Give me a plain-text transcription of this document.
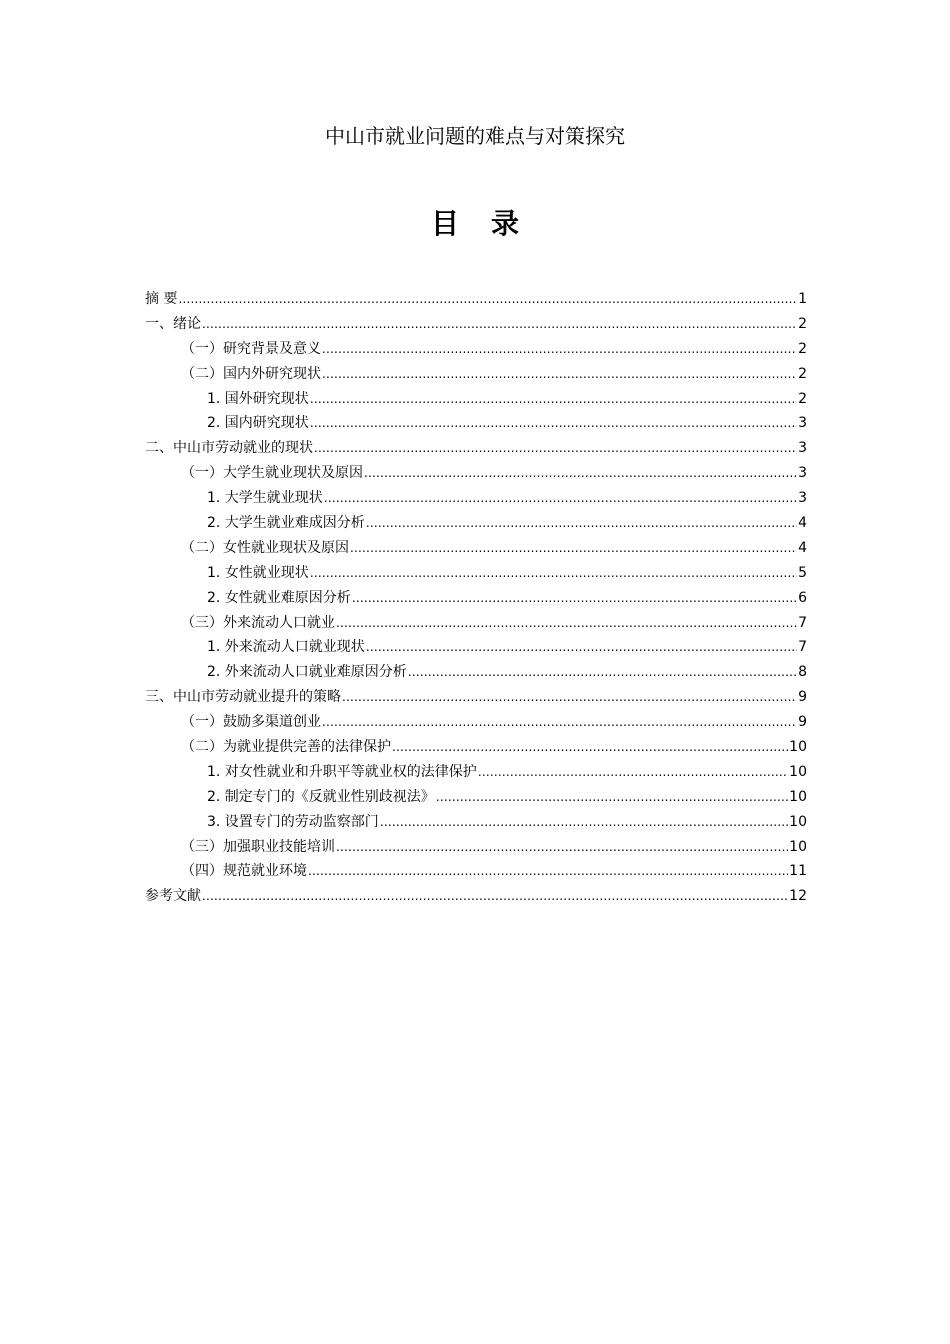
中山市就业问题的难点与对策探究
目录
摘 要 .....	1
一、绪论 .....	2
（一）研究背景及意义 .....	2
（二）国内外研究现状 .....	2
1. 国外研究现状 .....	2
2. 国内研究现状 .....	3
二、中山市劳动就业的现状 .....	3
（一）大学生就业现状及原因 .....	3
1. 大学生就业现状 .....	3
2. 大学生就业难成因分析 .....	4
（二）女性就业现状及原因 .....	4
1. 女性就业现状 .....	5
2. 女性就业难原因分析 .....	6
（三）外来流动人口就业 .....	7
1. 外来流动人口就业现状 .....	7
2. 外来流动人口就业难原因分析 .....	8
三、中山市劳动就业提升的策略 .....	9
（一）鼓励多渠道创业 .....	9
（二）为就业提供完善的法律保护 .....	10
1. 对女性就业和升职平等就业权的法律保护 .....	10
2. 制定专门的《反就业性别歧视法》 .....	10
3. 设置专门的劳动监察部门 .....	10
（三）加强职业技能培训 .....	10
（四）规范就业环境 .....	11
参考文献 .....	12
